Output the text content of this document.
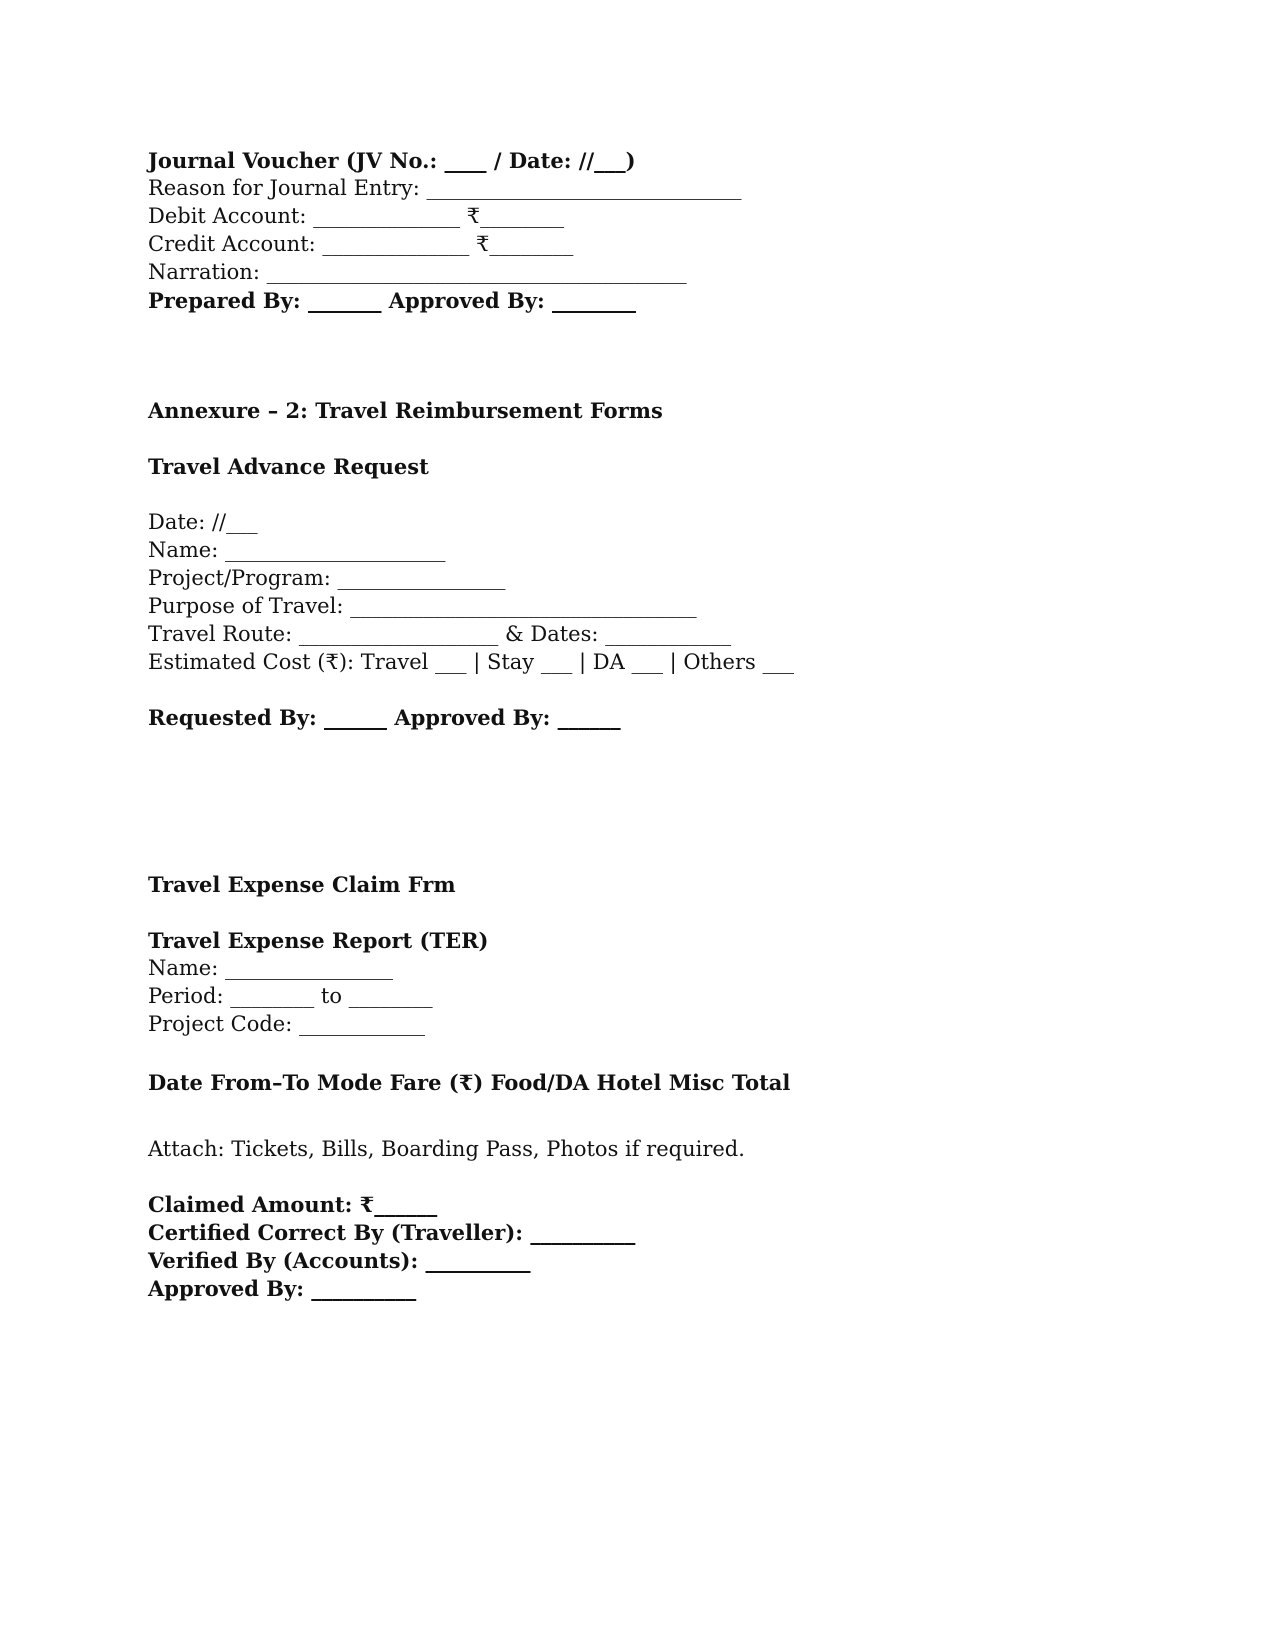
Journal Voucher (JV No.: ____ / Date: //___)

Reason for Journal Entry: ______________________________

Debit Account: ______________ ₹________

Credit Account: ______________ ₹________

Narration: ________________________________________

Prepared By: _______ Approved By: ________

Annexure – 2: Travel Reimbursement Forms

Travel Advance Request

Date: //___

Name: _____________________

Project/Program: ________________

Purpose of Travel: _________________________________

Travel Route: ___________________ & Dates: ____________

Estimated Cost (₹): Travel ___ | Stay ___ | DA ___ | Others ___

Requested By: ______ Approved By: ______

Travel Expense Claim Frm

Travel Expense Report (TER)

Name: ________________

Period: ________ to ________

Project Code: ____________

Date From–To Mode Fare (₹) Food/DA Hotel Misc Total

Attach: Tickets, Bills, Boarding Pass, Photos if required.

Claimed Amount: ₹______

Certified Correct By (Traveller): __________

Verified By (Accounts): __________

Approved By: __________
